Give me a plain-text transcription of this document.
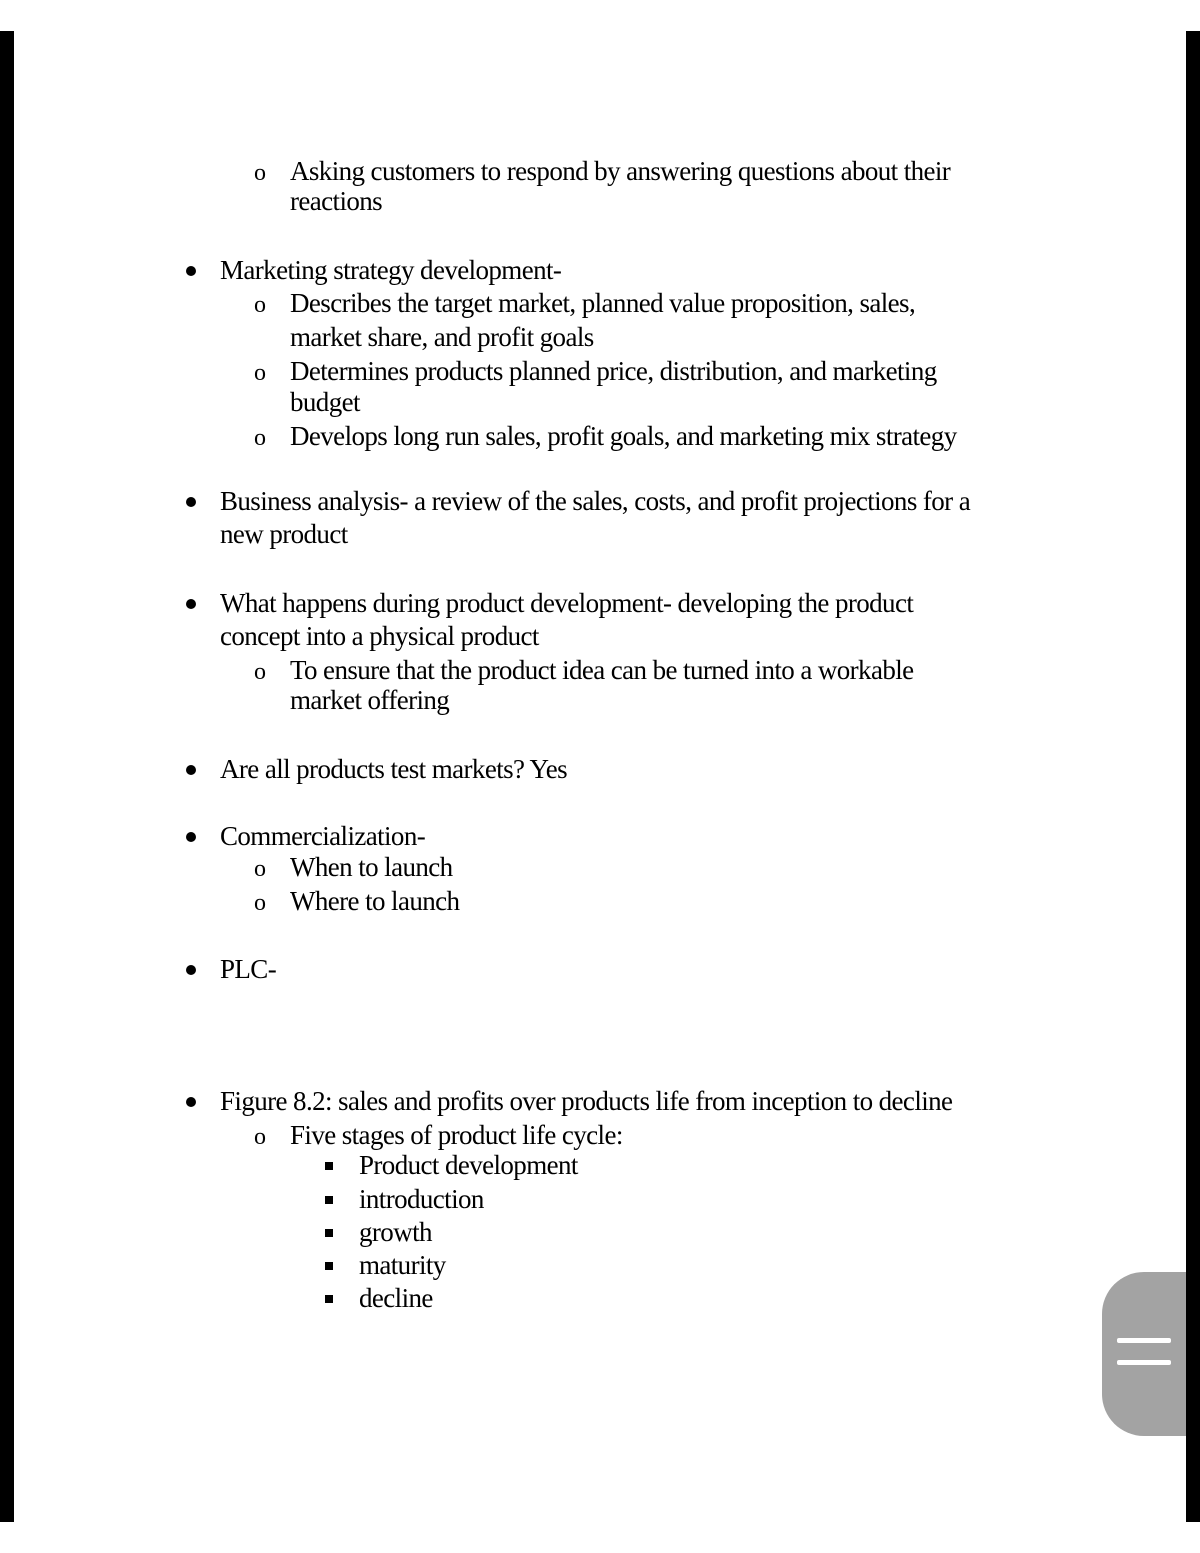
o Asking customers to respond by answering questions about their
reactions
Marketing strategy development-
o Describes the target market, planned value proposition, sales,
market share, and profit goals
o Determines products planned price, distribution, and marketing
budget
o Develops long run sales, profit goals, and marketing mix strategy
Business analysis- a review of the sales, costs, and profit projections for a
new product
What happens during product development- developing the product
concept into a physical product
o To ensure that the product idea can be turned into a workable
market offering
Are all products test markets? Yes
Commercialization-
o When to launch
o Where to launch
PLC-
Figure 8.2: sales and profits over products life from inception to decline
o Five stages of product life cycle:
Product development
introduction
growth
maturity
decline
